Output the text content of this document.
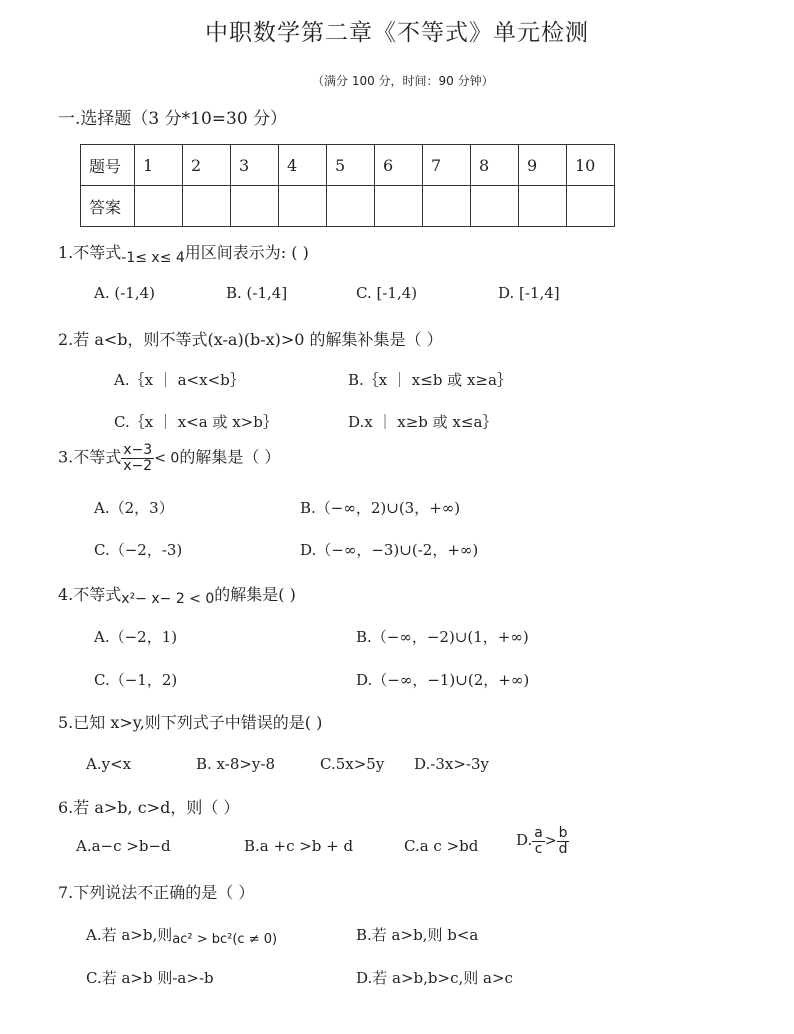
中职数学第二章《不等式》单元检测
（满分 100 分，时间：90 分钟）
一.选择题（3 分*10=30 分）
题号	1	2	3	4	5	6	7	8	9	10
答案										
1.不等式-1≤ x≤ 4用区间表示为: ( )
A. (-1,4)	B. (-1,4]	C. [-1,4)	D. [-1,4]
2.若 a<b，则不等式(x-a)(b-x)>0 的解集补集是（ ）
A.｛x ｜ a<x<b｝	B.｛x ｜ x≤b 或 x≥a｝
C.｛x ｜ x<a 或 x>b｝	D.x ｜ x≥b 或 x≤a｝
3.不等式 $\frac{x-3}{x-2} < 0$的解集是（ ）
A.（2，3）	B.（−∞，2)∪(3，+∞)
C.（−2，-3)	D.（−∞，−3)∪(-2，+∞)
4.不等式x²− x− 2 < 0的解集是( )
A.（−2，1)	B.（−∞，−2)∪(1，+∞)
C.（−1，2)	D.（−∞，−1)∪(2，+∞)
5.已知 x>y,则下列式子中错误的是( )
A.y<x	B. x-8>y-8	C.5x>5y D.-3x>-3y
6.若 a>b, c>d，则（ ）
A.a−c >b−d	B.a +c >b + d	C.a c >bd	D. $\frac{a}{c} > \frac{b}{d}$
7.下列说法不正确的是（ ）
A.若 a>b,则ac² > bc²(c ≠ 0)	B.若 a>b,则 b<a
C.若 a>b 则-a>-b	D.若 a>b,b>c,则 a>c
